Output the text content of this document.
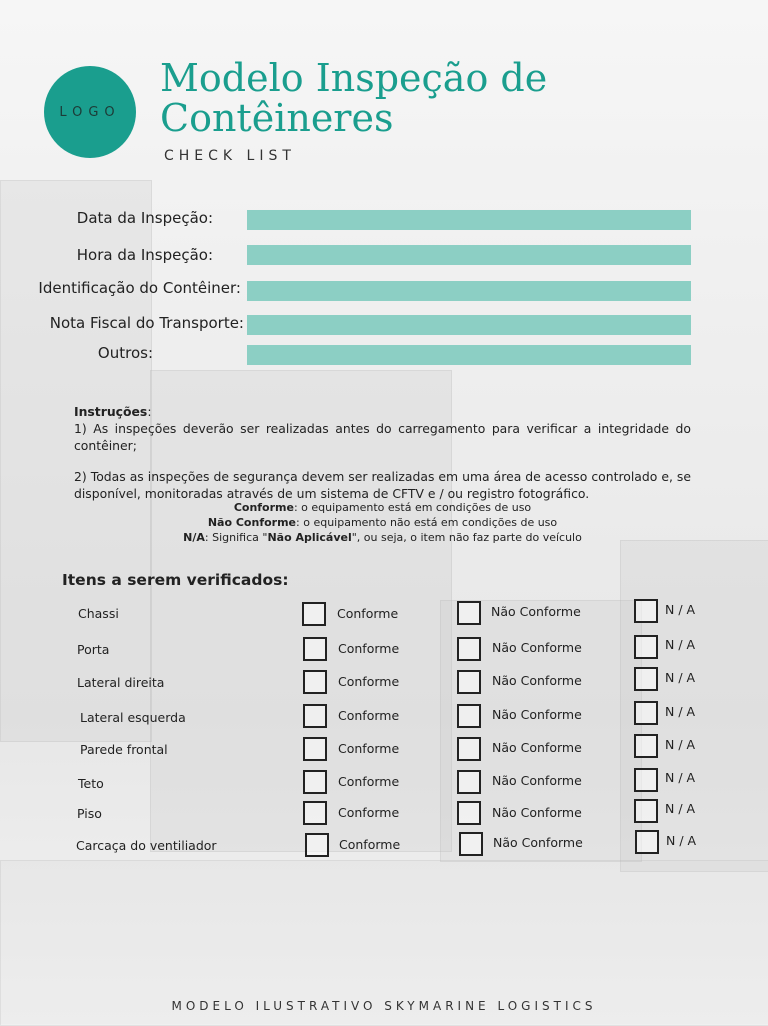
LOGO
Modelo Inspeção de
Contêineres
CHECK LIST
Data da Inspeção:
Hora da Inspeção:
Identificação do Contêiner:
Nota Fiscal do Transporte:
Outros:
Instruções:
1) As inspeções deverão ser realizadas antes do carregamento para verificar a integridade do contêiner;
2) Todas as inspeções de segurança devem ser realizadas em uma área de acesso controlado e, se disponível, monitoradas através de um sistema de CFTV e / ou registro fotográfico.
Conforme: o equipamento está em condições de uso
Não Conforme: o equipamento não está em condições de uso
N/A: Significa "Não Aplicável", ou seja, o item não faz parte do veículo
Itens a serem verificados:
Chassi	Conforme	Não Conforme	N / A
Porta	Conforme	Não Conforme	N / A
Lateral direita	Conforme	Não Conforme	N / A
Lateral esquerda	Conforme	Não Conforme	N / A
Parede frontal	Conforme	Não Conforme	N / A
Teto	Conforme	Não Conforme	N / A
Piso	Conforme	Não Conforme	N / A
Carcaça do ventiliador	Conforme	Não Conforme	N / A
MODELO ILUSTRATIVO SKYMARINE LOGISTICS
